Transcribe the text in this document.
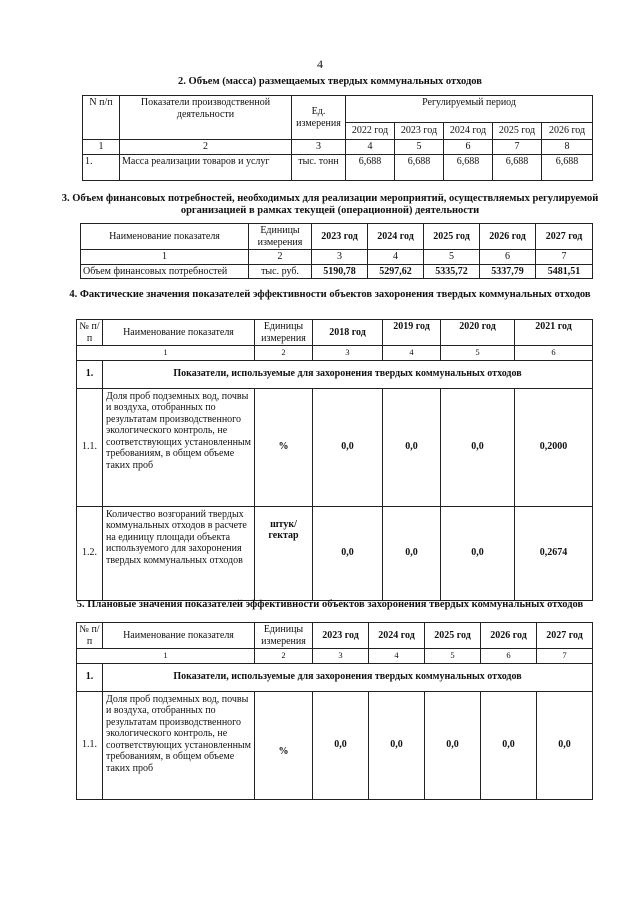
4
2. Объем (масса) размещаемых твердых коммунальных отходов
N п/п	Показатели производственной деятельности	Ед. измерения	Регулируемый период				
			2022 год	2023 год	2024 год	2025 год	2026 год
1	2	3	4	5	6	7	8
1.	Масса реализации товаров и услуг	тыс. тонн	6,688	6,688	6,688	6,688	6,688
3. Объем финансовых потребностей, необходимых для реализации мероприятий, осуществляемых регулируемой организацией в рамках текущей (операционной) деятельности
Наименование показателя	Единицы измерения	2023 год	2024 год	2025 год	2026 год	2027 год
1	2	3	4	5	6	7
Объем финансовых потребностей	тыс. руб.	5190,78	5297,62	5335,72	5337,79	5481,51
4. Фактические значения показателей эффективности объектов захоронения твердых коммунальных отходов
№ п/п	Наименование показателя	Единицы измерения	2018 год	2019 год	2020 год	2021 год
1		2	3	4	5	6
1.	Показатели, используемые для захоронения твердых коммунальных отходов					
1.1.	Доля проб подземных вод, почвы и воздуха, отобранных по результатам производственного экологического контроль, не соответствующих установленным требованиям, в общем объеме таких проб	%	0,0	0,0	0,0	0,2000
1.2.	Количество возгораний твердых коммунальных отходов в расчете на единицу площади объекта используемого для захоронения твердых коммунальных отходов	штук/ гектар	0,0	0,0	0,0	0,2674
5. Плановые значения показателей эффективности объектов захоронения твердых коммунальных отходов
№ п/п	Наименование показателя	Единицы измерения	2023 год	2024 год	2025 год	2026 год	2027 год
1		2	3	4	5	6	7
1.	Показатели, используемые для захоронения твердых коммунальных отходов						
1.1.	Доля проб подземных вод, почвы и воздуха, отобранных по результатам производственного экологического контроль, не соответствующих установленным требованиям, в общем объеме таких проб	%	0,0	0,0	0,0	0,0	0,0
